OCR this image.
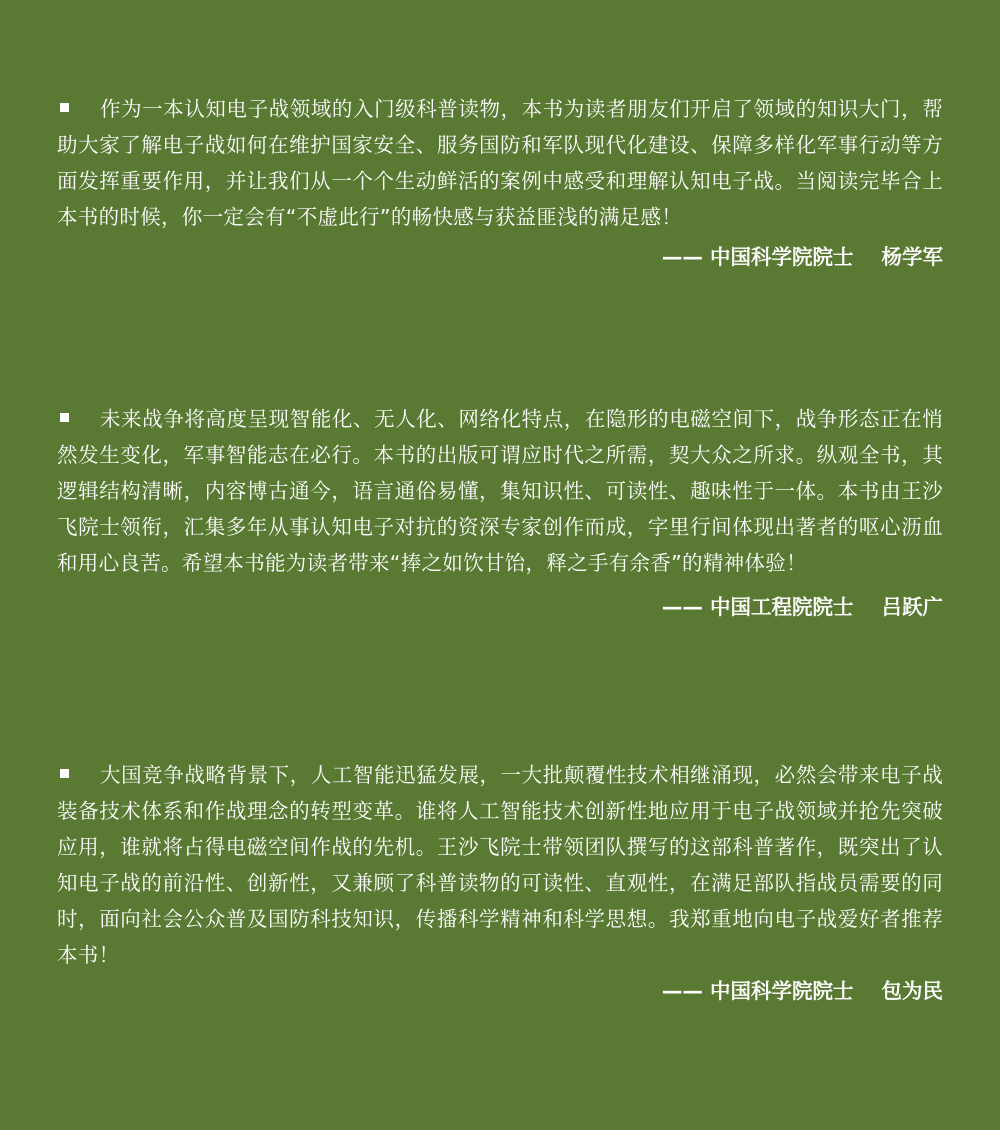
作为一本认知电子战领域的入门级科普读物，本书为读者朋友们开启了领域的知识大门，帮助大家了解电子战如何在维护国家安全、服务国防和军队现代化建设、保障多样化军事行动等方面发挥重要作用，并让我们从一个个生动鲜活的案例中感受和理解认知电子战。当阅读完毕合上本书的时候，你一定会有“不虚此行”的畅快感与获益匪浅的满足感！

—— 中国科学院院士 杨学军

未来战争将高度呈现智能化、无人化、网络化特点，在隐形的电磁空间下，战争形态正在悄然发生变化，军事智能志在必行。本书的出版可谓应时代之所需，契大众之所求。纵观全书，其逻辑结构清晰，内容博古通今，语言通俗易懂，集知识性、可读性、趣味性于一体。本书由王沙飞院士领衔，汇集多年从事认知电子对抗的资深专家创作而成，字里行间体现出著者的呕心沥血和用心良苦。希望本书能为读者带来“捧之如饮甘饴，释之手有余香”的精神体验！

—— 中国工程院院士 吕跃广

大国竞争战略背景下，人工智能迅猛发展，一大批颠覆性技术相继涌现，必然会带来电子战装备技术体系和作战理念的转型变革。谁将人工智能技术创新性地应用于电子战领域并抢先突破应用，谁就将占得电磁空间作战的先机。王沙飞院士带领团队撰写的这部科普著作，既突出了认知电子战的前沿性、创新性，又兼顾了科普读物的可读性、直观性，在满足部队指战员需要的同时，面向社会公众普及国防科技知识，传播科学精神和科学思想。我郑重地向电子战爱好者推荐本书！

—— 中国科学院院士 包为民
